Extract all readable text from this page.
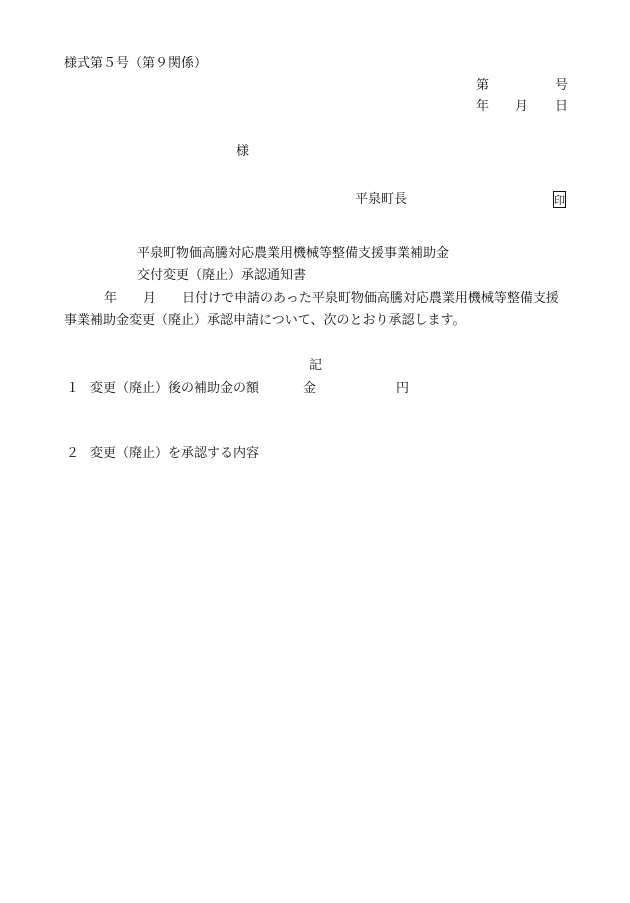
様式第５号（第９関係）
第	号
年 月 日
様
平泉町長	印
平泉町物価高騰対応農業用機械等整備支援事業補助金
交付変更（廃止）承認通知書
年 月 日付けで申請のあった平泉町物価高騰対応農業用機械等整備支援
事業補助金変更（廃止）承認申請について、次のとおり承認します。
記
１ 変更（廃止）後の補助金の額	金	円
２ 変更（廃止）を承認する内容
